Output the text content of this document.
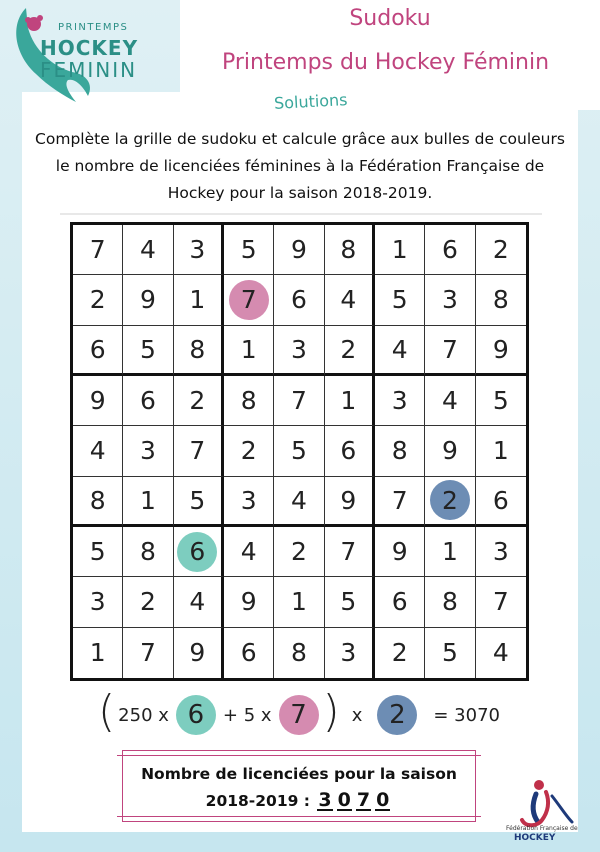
PRINTEMPS
HOCKEY
FEMININ
Sudoku
Printemps du Hockey Féminin
Solutions
Complète la grille de sudoku et calcule grâce aux bulles de couleurs
le nombre de licenciées féminines à la Fédération Française de
Hockey pour la saison 2018-2019.
7 4 3 5 9 8 1 6 2
2 9 1 7 6 4 5 3 8
6 5 8 1 3 2 4 7 9
9 6 2 8 7 1 3 4 5
4 3 7 2 5 6 8 9 1
8 1 5 3 4 9 7 2 6
5 8 6 4 2 7 9 1 3
3 2 4 9 1 5 6 8 7
1 7 9 6 8 3 2 5 4
( 250 x 6	+ 5 x 7 ) x	2	= 3070
Nombre de licenciées pour la saison
2018-2019 : 3 0 7 0
Fédération Française de
HOCKEY
